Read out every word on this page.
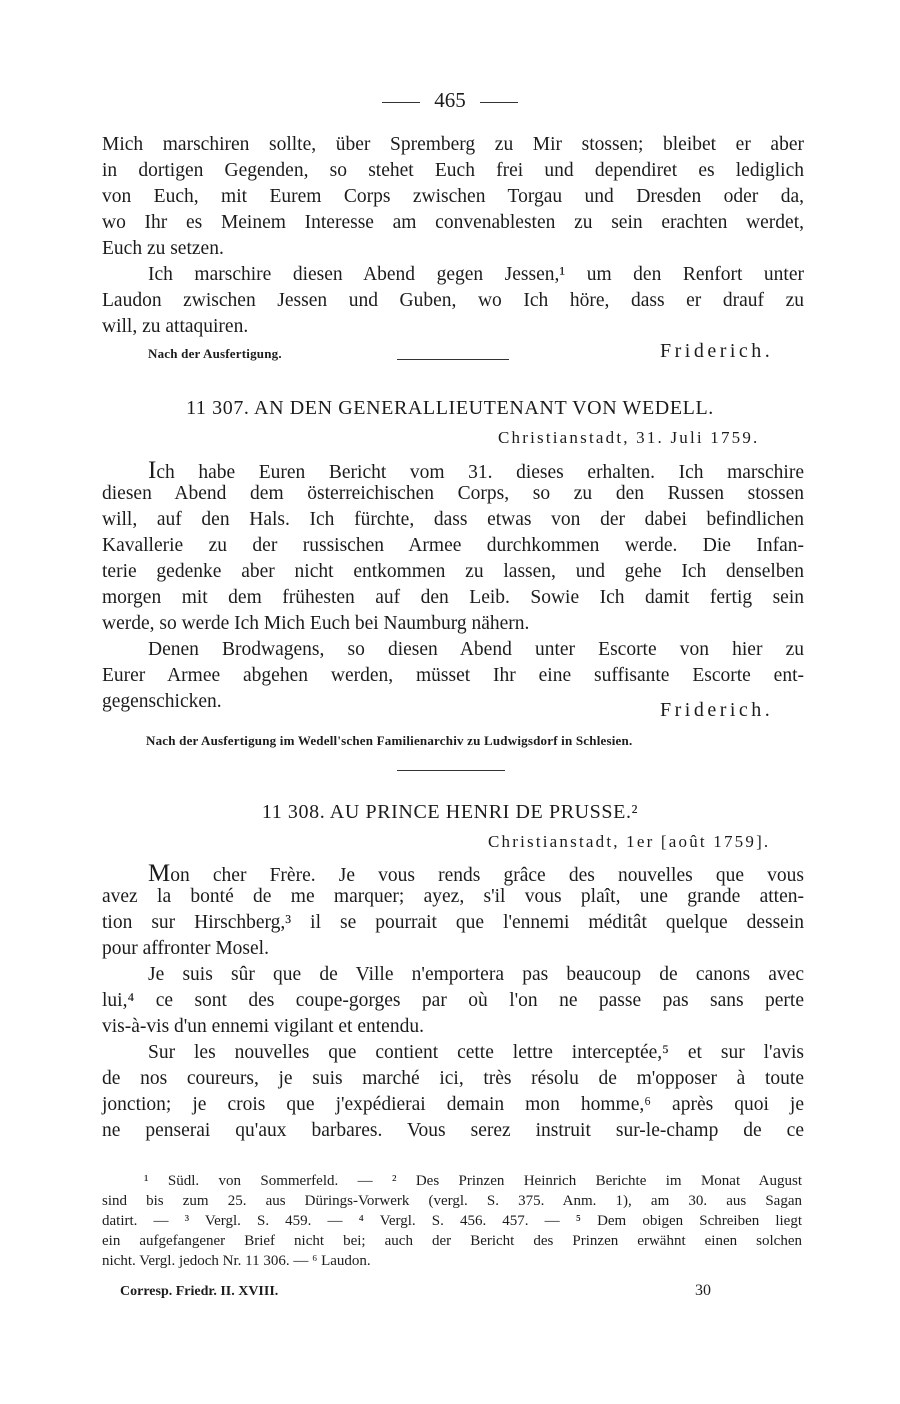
465
Mich marschiren sollte, über Spremberg zu Mir stossen; bleibet er aber
in dortigen Gegenden, so stehet Euch frei und dependiret es lediglich
von Euch, mit Eurem Corps zwischen Torgau und Dresden oder da,
wo Ihr es Meinem Interesse am convenablesten zu sein erachten werdet,
Euch zu setzen.
Ich marschire diesen Abend gegen Jessen,¹ um den Renfort unter
Laudon zwischen Jessen und Guben, wo Ich höre, dass er drauf zu
will, zu attaquiren.
Nach der Ausfertigung.	Friderich.
11 307. AN DEN GENERALLIEUTENANT VON WEDELL.
Christianstadt, 31. Juli 1759.
Ich habe Euren Bericht vom 31. dieses erhalten. Ich marschire
diesen Abend dem österreichischen Corps, so zu den Russen stossen
will, auf den Hals. Ich fürchte, dass etwas von der dabei befindlichen
Kavallerie zu der russischen Armee durchkommen werde. Die Infan-
terie gedenke aber nicht entkommen zu lassen, und gehe Ich denselben
morgen mit dem frühesten auf den Leib. Sowie Ich damit fertig sein
werde, so werde Ich Mich Euch bei Naumburg nähern.
Denen Brodwagens, so diesen Abend unter Escorte von hier zu
Eurer Armee abgehen werden, müsset Ihr eine suffisante Escorte ent-
gegenschicken.	Friderich.
Nach der Ausfertigung im Wedell'schen Familienarchiv zu Ludwigsdorf in Schlesien.
11 308. AU PRINCE HENRI DE PRUSSE.²
Christianstadt, 1er [août 1759].
Mon cher Frère. Je vous rends grâce des nouvelles que vous
avez la bonté de me marquer; ayez, s'il vous plaît, une grande atten-
tion sur Hirschberg,³ il se pourrait que l'ennemi méditât quelque dessein
pour affronter Mosel.
Je suis sûr que de Ville n'emportera pas beaucoup de canons avec
lui,⁴ ce sont des coupe-gorges par où l'on ne passe pas sans perte
vis-à-vis d'un ennemi vigilant et entendu.
Sur les nouvelles que contient cette lettre interceptée,⁵ et sur l'avis
de nos coureurs, je suis marché ici, très résolu de m'opposer à toute
jonction; je crois que j'expédierai demain mon homme,⁶ après quoi je
ne penserai qu'aux barbares. Vous serez instruit sur-le-champ de ce
¹ Südl. von Sommerfeld. — ² Des Prinzen Heinrich Berichte im Monat August
sind bis zum 25. aus Dürings-Vorwerk (vergl. S. 375. Anm. 1), am 30. aus Sagan
datirt. — ³ Vergl. S. 459. — ⁴ Vergl. S. 456. 457. — ⁵ Dem obigen Schreiben liegt
ein aufgefangener Brief nicht bei; auch der Bericht des Prinzen erwähnt einen solchen
nicht. Vergl. jedoch Nr. 11 306. — ⁶ Laudon.
Corresp. Friedr. II. XVIII.	30
